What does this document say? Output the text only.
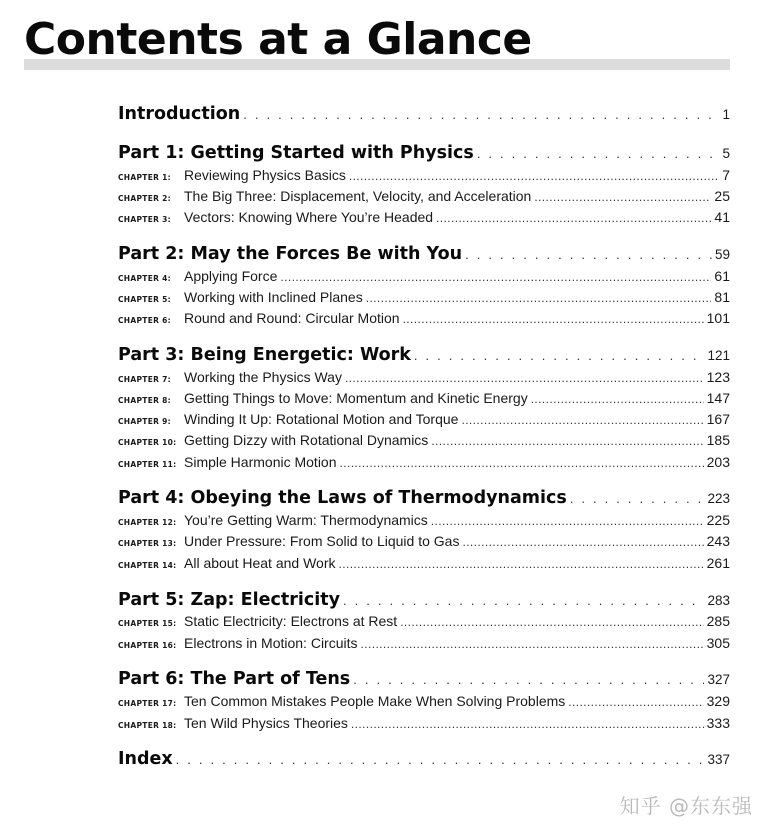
Contents at a Glance
Introduction . . .	1
Part 1: Getting Started with Physics . . .	5
CHAPTER 1: Reviewing Physics Basics .....	7
CHAPTER 2: The Big Three: Displacement, Velocity, and Acceleration .....	25
CHAPTER 3: Vectors: Knowing Where You’re Headed .....	41
Part 2: May the Forces Be with You . . .	59
CHAPTER 4: Applying Force .....	61
CHAPTER 5: Working with Inclined Planes .....	81
CHAPTER 6: Round and Round: Circular Motion .....	101
Part 3: Being Energetic: Work . . .	121
CHAPTER 7: Working the Physics Way .....	123
CHAPTER 8: Getting Things to Move: Momentum and Kinetic Energy .....	147
CHAPTER 9: Winding It Up: Rotational Motion and Torque .....	167
CHAPTER 10: Getting Dizzy with Rotational Dynamics .....	185
CHAPTER 11: Simple Harmonic Motion .....	203
Part 4: Obeying the Laws of Thermodynamics . . .	223
CHAPTER 12: You’re Getting Warm: Thermodynamics .....	225
CHAPTER 13: Under Pressure: From Solid to Liquid to Gas .....	243
CHAPTER 14: All about Heat and Work .....	261
Part 5: Zap: Electricity . . .	283
CHAPTER 15: Static Electricity: Electrons at Rest .....	285
CHAPTER 16: Electrons in Motion: Circuits .....	305
Part 6: The Part of Tens . . .	327
CHAPTER 17: Ten Common Mistakes People Make When Solving Problems .....	329
CHAPTER 18: Ten Wild Physics Theories .....	333
Index . . .	337
知乎 @东东强
